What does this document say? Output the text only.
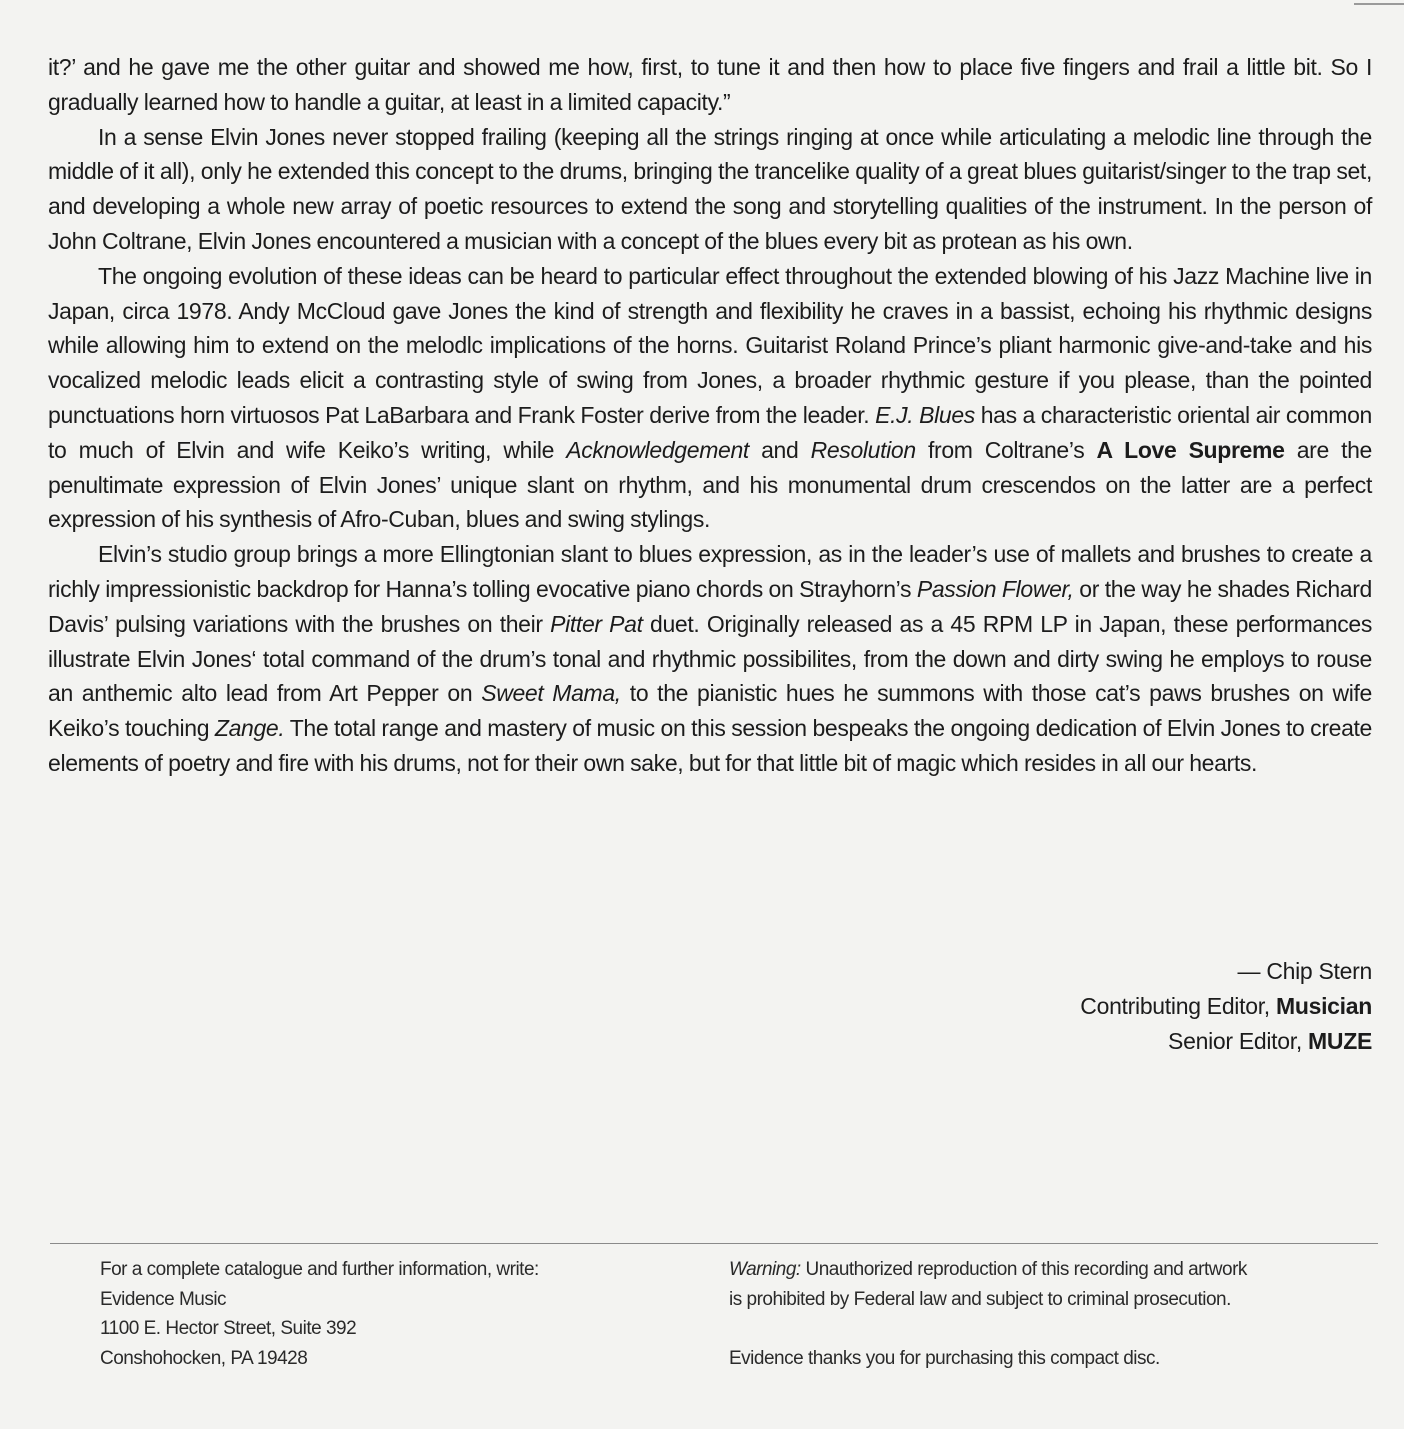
it?’ and he gave me the other guitar and showed me how, first, to tune it and then how to place five fingers and frail a little bit. So I gradually learned how to handle a guitar, at least in a limited capacity.”

In a sense Elvin Jones never stopped frailing (keeping all the strings ringing at once while articulating a melodic line through the middle of it all), only he extended this concept to the drums, bringing the trancelike quality of a great blues guitarist/singer to the trap set, and developing a whole new array of poetic resources to extend the song and storytelling qualities of the instrument. In the person of John Coltrane, Elvin Jones encountered a musician with a concept of the blues every bit as protean as his own.

The ongoing evolution of these ideas can be heard to particular effect throughout the extended blowing of his Jazz Machine live in Japan, circa 1978. Andy McCloud gave Jones the kind of strength and flexibility he craves in a bassist, echoing his rhythmic designs while allowing him to extend on the melodlc implications of the horns. Guitarist Roland Prince’s pliant harmonic give-and-take and his vocalized melodic leads elicit a contrasting style of swing from Jones, a broader rhythmic gesture if you please, than the pointed punctuations horn virtuosos Pat LaBarbara and Frank Foster derive from the leader. E.J. Blues has a characteristic oriental air common to much of Elvin and wife Keiko’s writing, while Acknowledgement and Resolution from Coltrane’s A Love Supreme are the penultimate expression of Elvin Jones’ unique slant on rhythm, and his monumental drum crescendos on the latter are a perfect expression of his synthesis of Afro-Cuban, blues and swing stylings.

Elvin’s studio group brings a more Ellingtonian slant to blues expression, as in the leader’s use of mallets and brushes to create a richly impressionistic backdrop for Hanna’s tolling evocative piano chords on Strayhorn’s Passion Flower, or the way he shades Richard Davis’ pulsing variations with the brushes on their Pitter Pat duet. Originally released as a 45 RPM LP in Japan, these performances illustrate Elvin Jones‘ total command of the drum’s tonal and rhythmic possibilites, from the down and dirty swing he employs to rouse an anthemic alto lead from Art Pepper on Sweet Mama, to the pianistic hues he summons with those cat’s paws brushes on wife Keiko’s touching Zange. The total range and mastery of music on this session bespeaks the ongoing dedication of Elvin Jones to create elements of poetry and fire with his drums, not for their own sake, but for that little bit of magic which resides in all our hearts.

— Chip Stern
Contributing Editor, Musician
Senior Editor, MUZE
For a complete catalogue and further information, write:
Evidence Music
1100 E. Hector Street, Suite 392
Conshohocken, PA 19428
Warning: Unauthorized reproduction of this recording and artwork
is prohibited by Federal law and subject to criminal prosecution.
Evidence thanks you for purchasing this compact disc.
